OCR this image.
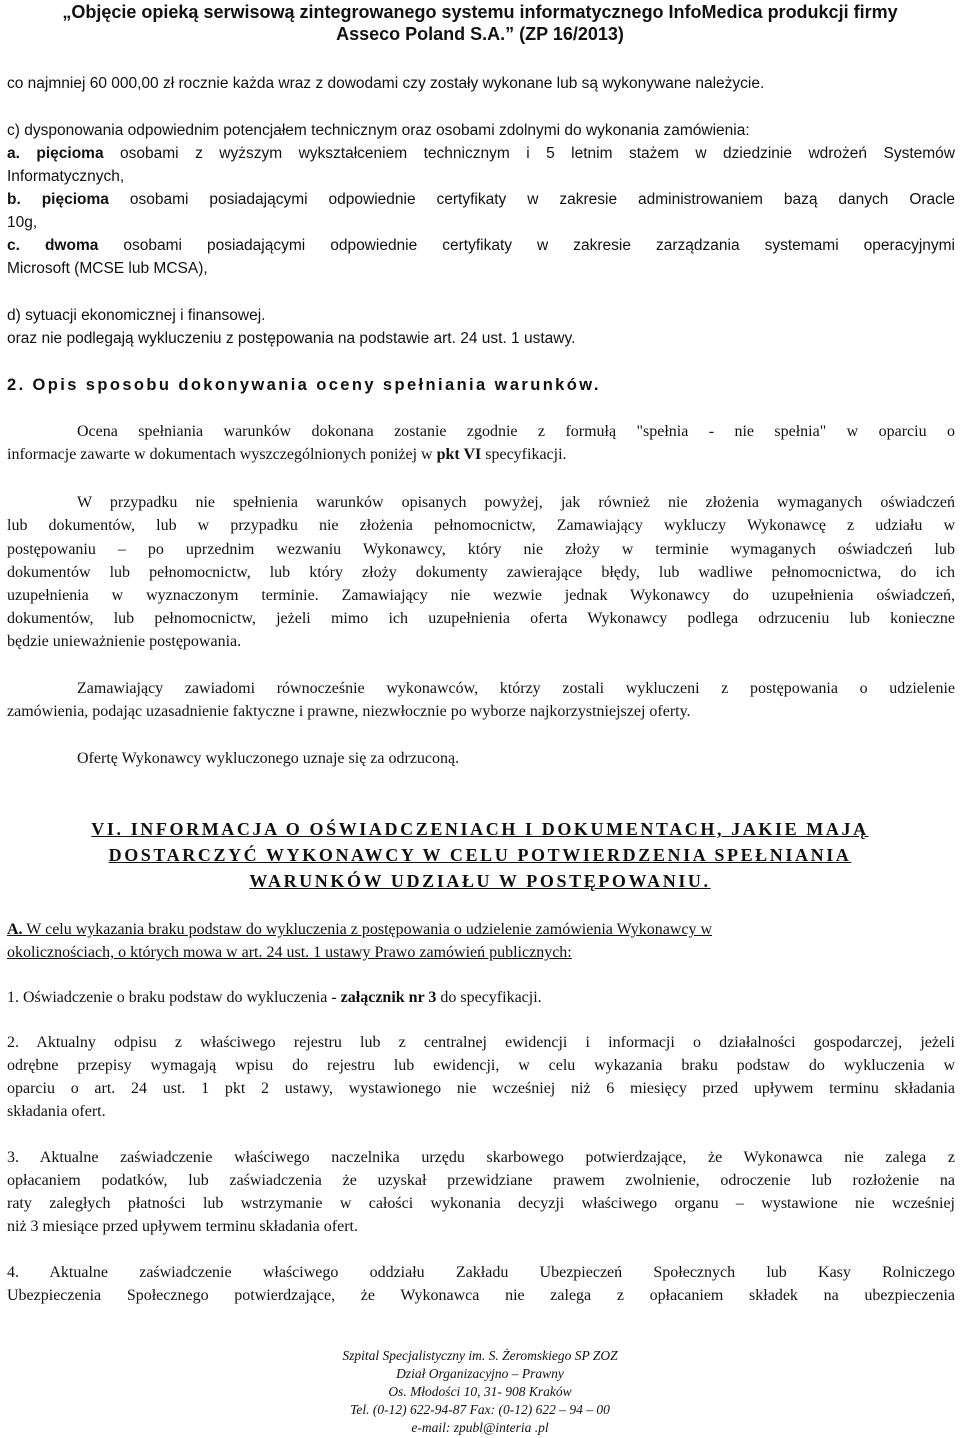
„Objęcie opieką serwisową zintegrowanego systemu informatycznego InfoMedica produkcji firmy
Asseco Poland S.A.” (ZP 16/2013)
co najmniej 60 000,00 zł rocznie każda wraz z dowodami czy zostały wykonane lub są wykonywane należycie.
c) dysponowania odpowiednim potencjałem technicznym oraz osobami zdolnymi do wykonania zamówienia:
a. pięcioma osobami z wyższym wykształceniem technicznym i 5 letnim stażem w dziedzinie wdrożeń Systemów
Informatycznych,
b. pięcioma osobami posiadającymi odpowiednie certyfikaty w zakresie administrowaniem bazą danych Oracle
10g,
c. dwoma osobami posiadającymi odpowiednie certyfikaty w zakresie zarządzania systemami operacyjnymi
Microsoft (MCSE lub MCSA),
d) sytuacji ekonomicznej i finansowej.
oraz nie podlegają wykluczeniu z postępowania na podstawie art. 24 ust. 1 ustawy.
2. Opis sposobu dokonywania oceny spełniania warunków.
Ocena spełniania warunków dokonana zostanie zgodnie z formułą "spełnia - nie spełnia" w oparciu o
informacje zawarte w dokumentach wyszczególnionych poniżej w pkt VI specyfikacji.
W przypadku nie spełnienia warunków opisanych powyżej, jak również nie złożenia wymaganych oświadczeń
lub dokumentów, lub w przypadku nie złożenia pełnomocnictw, Zamawiający wykluczy Wykonawcę z udziału w
postępowaniu – po uprzednim wezwaniu Wykonawcy, który nie złoży w terminie wymaganych oświadczeń lub
dokumentów lub pełnomocnictw, lub który złoży dokumenty zawierające błędy, lub wadliwe pełnomocnictwa, do ich
uzupełnienia w wyznaczonym terminie. Zamawiający nie wezwie jednak Wykonawcy do uzupełnienia oświadczeń,
dokumentów, lub pełnomocnictw, jeżeli mimo ich uzupełnienia oferta Wykonawcy podlega odrzuceniu lub konieczne
będzie unieważnienie postępowania.
Zamawiający zawiadomi równocześnie wykonawców, którzy zostali wykluczeni z postępowania o udzielenie
zamówienia, podając uzasadnienie faktyczne i prawne, niezwłocznie po wyborze najkorzystniejszej oferty.
Ofertę Wykonawcy wykluczonego uznaje się za odrzuconą.
VI. INFORMACJA O OŚWIADCZENIACH I DOKUMENTACH, JAKIE MAJĄ
DOSTARCZYĆ WYKONAWCY W CELU POTWIERDZENIA SPEŁNIANIA
WARUNKÓW UDZIAŁU W POSTĘPOWANIU.
A. W celu wykazania braku podstaw do wykluczenia z postępowania o udzielenie zamówienia Wykonawcy w
okolicznościach, o których mowa w art. 24 ust. 1 ustawy Prawo zamówień publicznych:
1. Oświadczenie o braku podstaw do wykluczenia - załącznik nr 3 do specyfikacji.
2. Aktualny odpisu z właściwego rejestru lub z centralnej ewidencji i informacji o działalności gospodarczej, jeżeli
odrębne przepisy wymagają wpisu do rejestru lub ewidencji, w celu wykazania braku podstaw do wykluczenia w
oparciu o art. 24 ust. 1 pkt 2 ustawy, wystawionego nie wcześniej niż 6 miesięcy przed upływem terminu składania
składania ofert.
3. Aktualne zaświadczenie właściwego naczelnika urzędu skarbowego potwierdzające, że Wykonawca nie zalega z
opłacaniem podatków, lub zaświadczenia że uzyskał przewidziane prawem zwolnienie, odroczenie lub rozłożenie na
raty zaległych płatności lub wstrzymanie w całości wykonania decyzji właściwego organu – wystawione nie wcześniej
niż 3 miesiące przed upływem terminu składania ofert.
4. Aktualne zaświadczenie właściwego oddziału Zakładu Ubezpieczeń Społecznych lub Kasy Rolniczego
Ubezpieczenia Społecznego potwierdzające, że Wykonawca nie zalega z opłacaniem składek na ubezpieczenia
Szpital Specjalistyczny im. S. Żeromskiego SP ZOZ
Dział Organizacyjno – Prawny
Os. Młodości 10, 31- 908 Kraków
Tel. (0-12) 622-94-87 Fax: (0-12) 622 – 94 – 00
e-mail: zpubl@interia .pl
